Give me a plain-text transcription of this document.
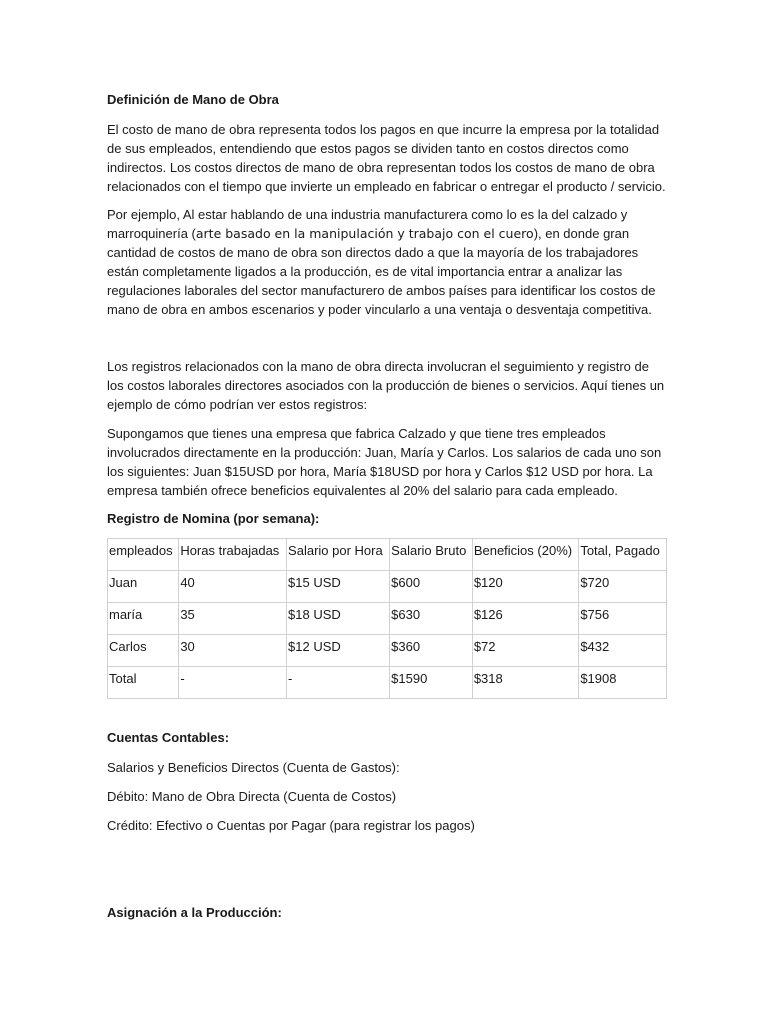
Definición de Mano de Obra

El costo de mano de obra representa todos los pagos en que incurre la empresa por la totalidad de sus empleados, entendiendo que estos pagos se dividen tanto en costos directos como indirectos. Los costos directos de mano de obra representan todos los costos de mano de obra relacionados con el tiempo que invierte un empleado en fabricar o entregar el producto / servicio.

Por ejemplo, Al estar hablando de una industria manufacturera como lo es la del calzado y marroquinería (arte basado en la manipulación y trabajo con el cuero), en donde gran cantidad de costos de mano de obra son directos dado a que la mayoría de los trabajadores están completamente ligados a la producción, es de vital importancia entrar a analizar las regulaciones laborales del sector manufacturero de ambos países para identificar los costos de mano de obra en ambos escenarios y poder vincularlo a una ventaja o desventaja competitiva.

Los registros relacionados con la mano de obra directa involucran el seguimiento y registro de los costos laborales directores asociados con la producción de bienes o servicios. Aquí tienes un ejemplo de cómo podrían ver estos registros:

Supongamos que tienes una empresa que fabrica Calzado y que tiene tres empleados involucrados directamente en la producción: Juan, María y Carlos. Los salarios de cada uno son los siguientes: Juan $15USD por hora, María $18USD por hora y Carlos $12 USD por hora. La empresa también ofrece beneficios equivalentes al 20% del salario para cada empleado.

Registro de Nomina (por semana):
empleados	Horas trabajadas	Salario por Hora	Salario Bruto	Beneficios (20%)	Total, Pagado
Juan	40	$15 USD	$600	$120	$720
maría	35	$18 USD	$630	$126	$756
Carlos	30	$12 USD	$360	$72	$432
Total	-	-	$1590	$318	$1908
Cuentas Contables:
Salarios y Beneficios Directos (Cuenta de Gastos):
Débito: Mano de Obra Directa (Cuenta de Costos)
Crédito: Efectivo o Cuentas por Pagar (para registrar los pagos)
Asignación a la Producción:
